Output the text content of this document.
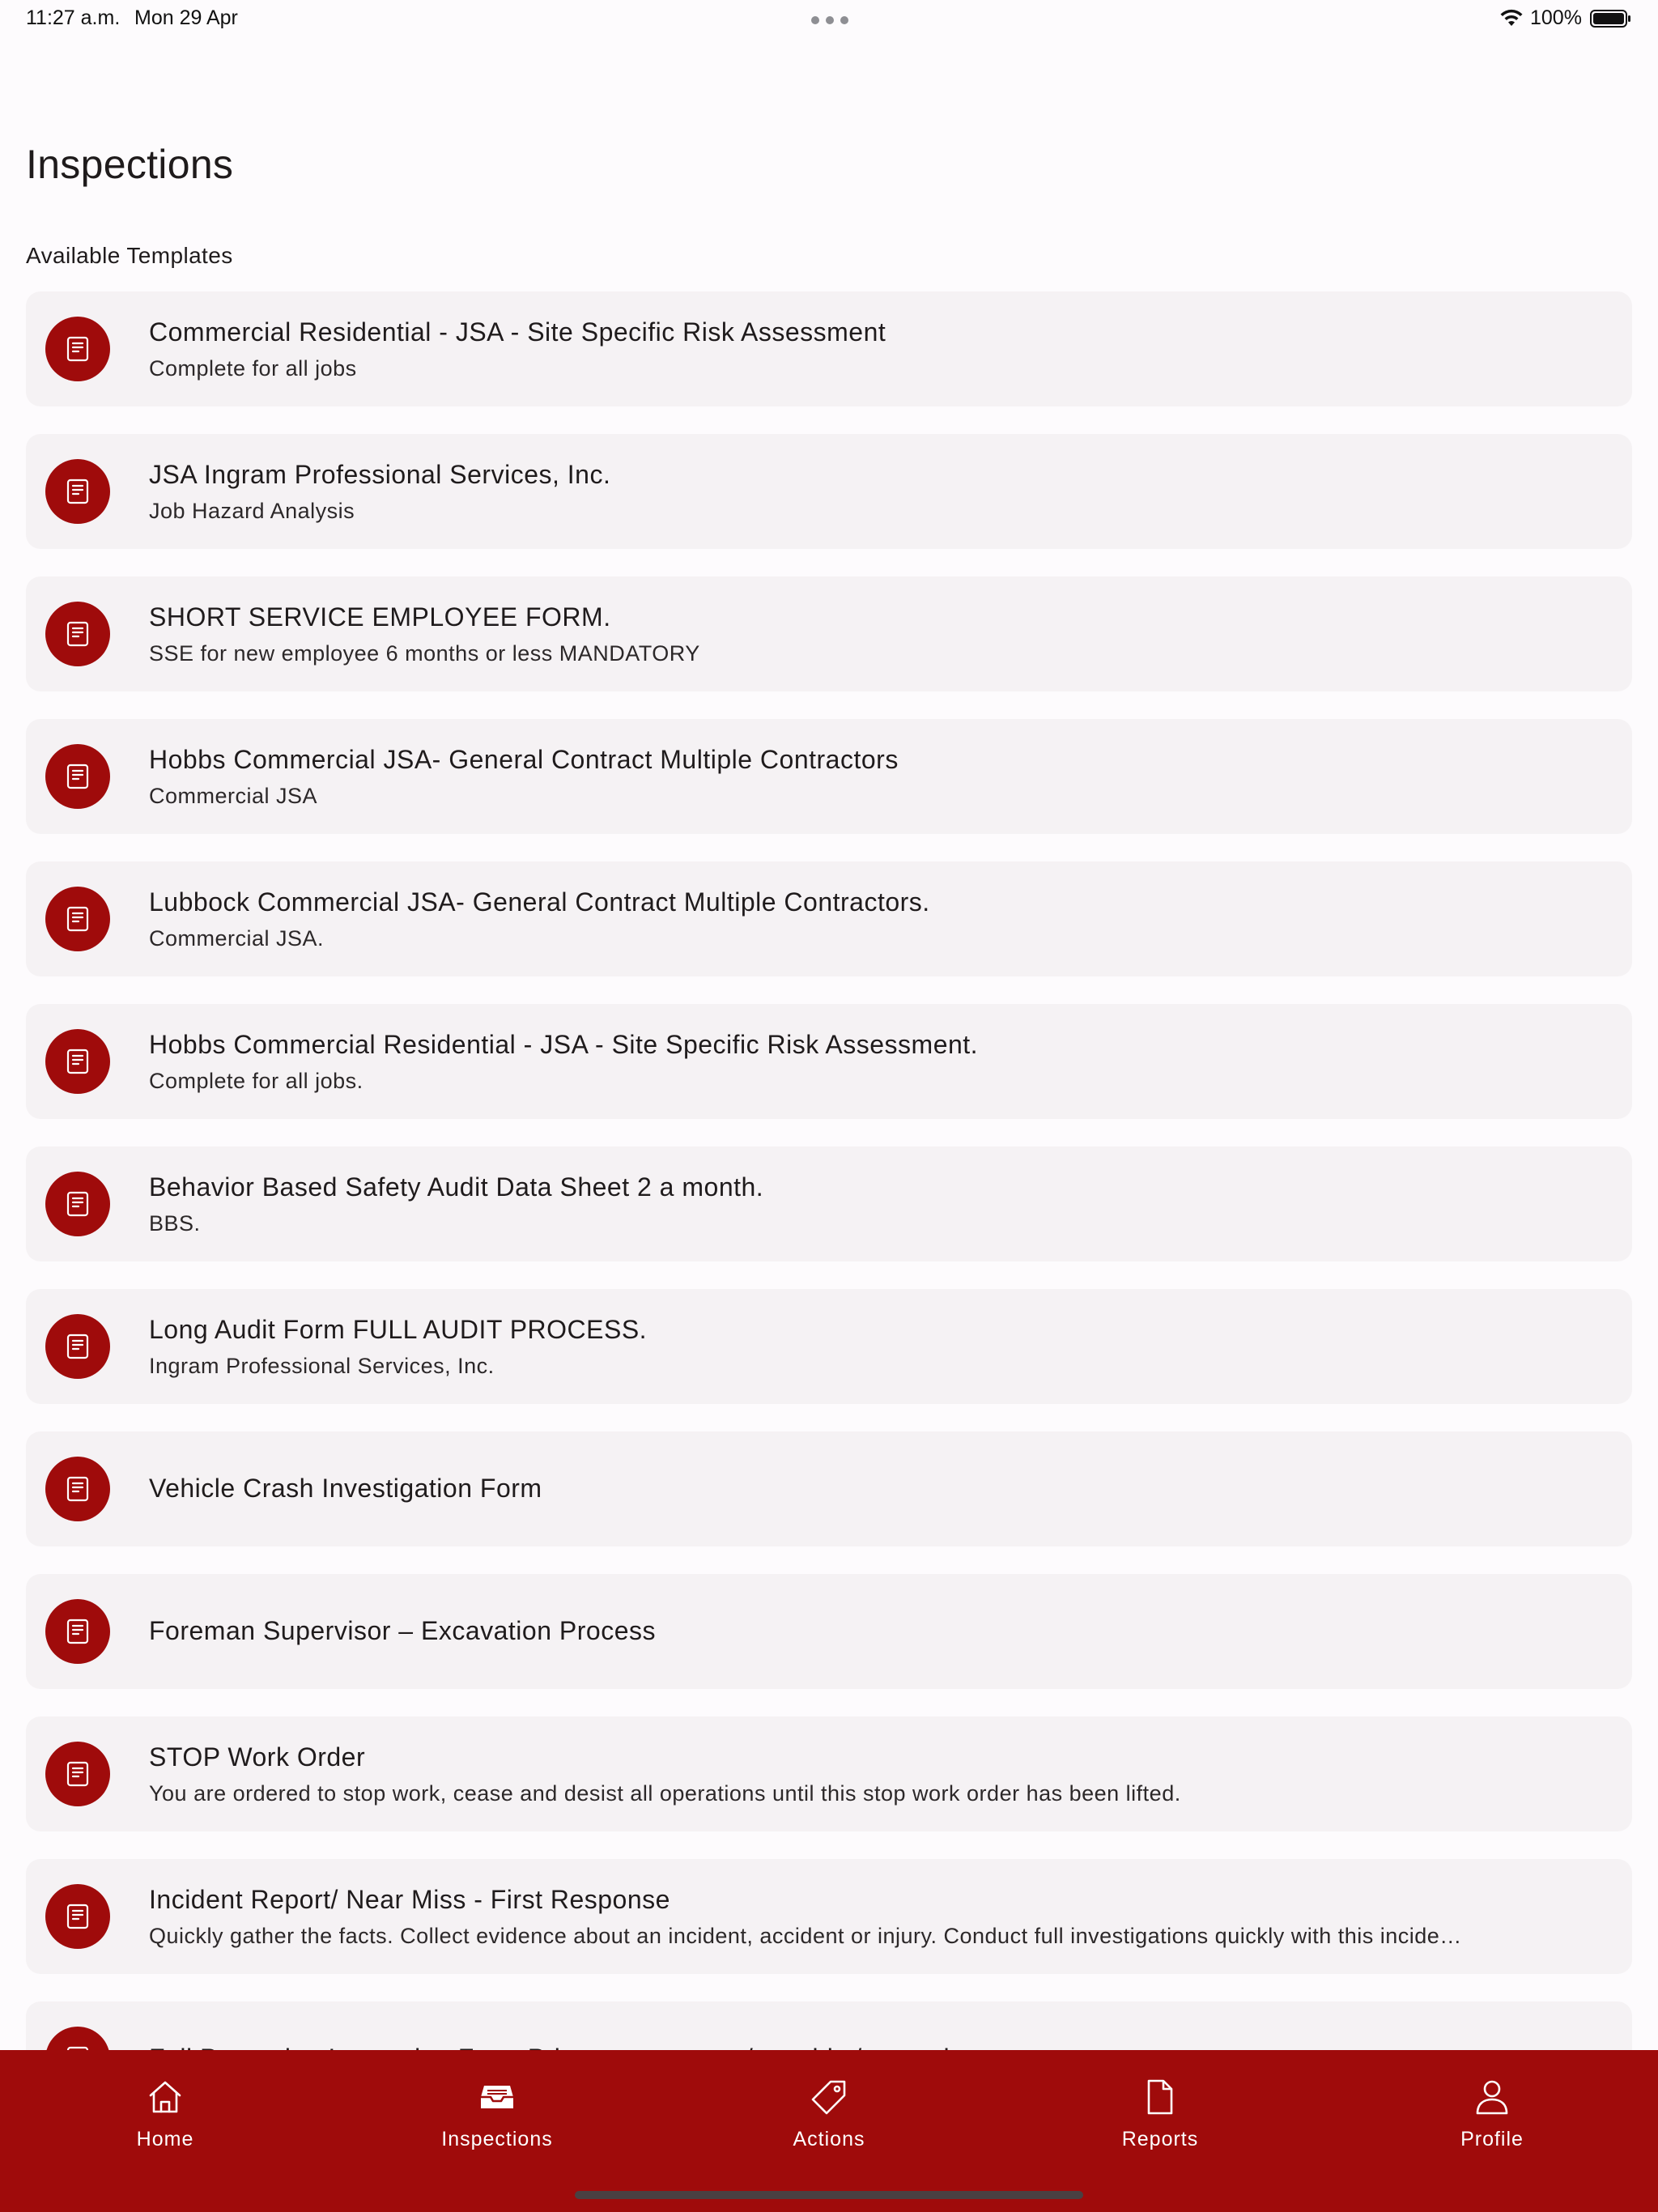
11:27 a.m. Mon 29 Apr	100%
Inspections
Available Templates
Commercial Residential - JSA - Site Specific Risk Assessment
Complete for all jobs
JSA Ingram Professional Services, Inc.
Job Hazard Analysis
SHORT SERVICE EMPLOYEE FORM.
SSE for new employee 6 months or less MANDATORY
Hobbs Commercial JSA- General Contract Multiple Contractors
Commercial JSA
Lubbock Commercial JSA- General Contract Multiple Contractors.
Commercial JSA.
Hobbs Commercial Residential - JSA - Site Specific Risk Assessment.
Complete for all jobs.
Behavior Based Safety Audit Data Sheet 2 a month.
BBS.
Long Audit Form FULL AUDIT PROCESS.
Ingram Professional Services, Inc.
Vehicle Crash Investigation Form
Foreman Supervisor – Excavation Process
STOP Work Order
You are ordered to stop work, cease and desist all operations until this stop work order has been lifted.
Incident Report/ Near Miss - First Response
Quickly gather the facts. Collect evidence about an incident, accident or injury. Conduct full investigations quickly with this incide…
Home	Inspections	Actions	Reports	Profile
